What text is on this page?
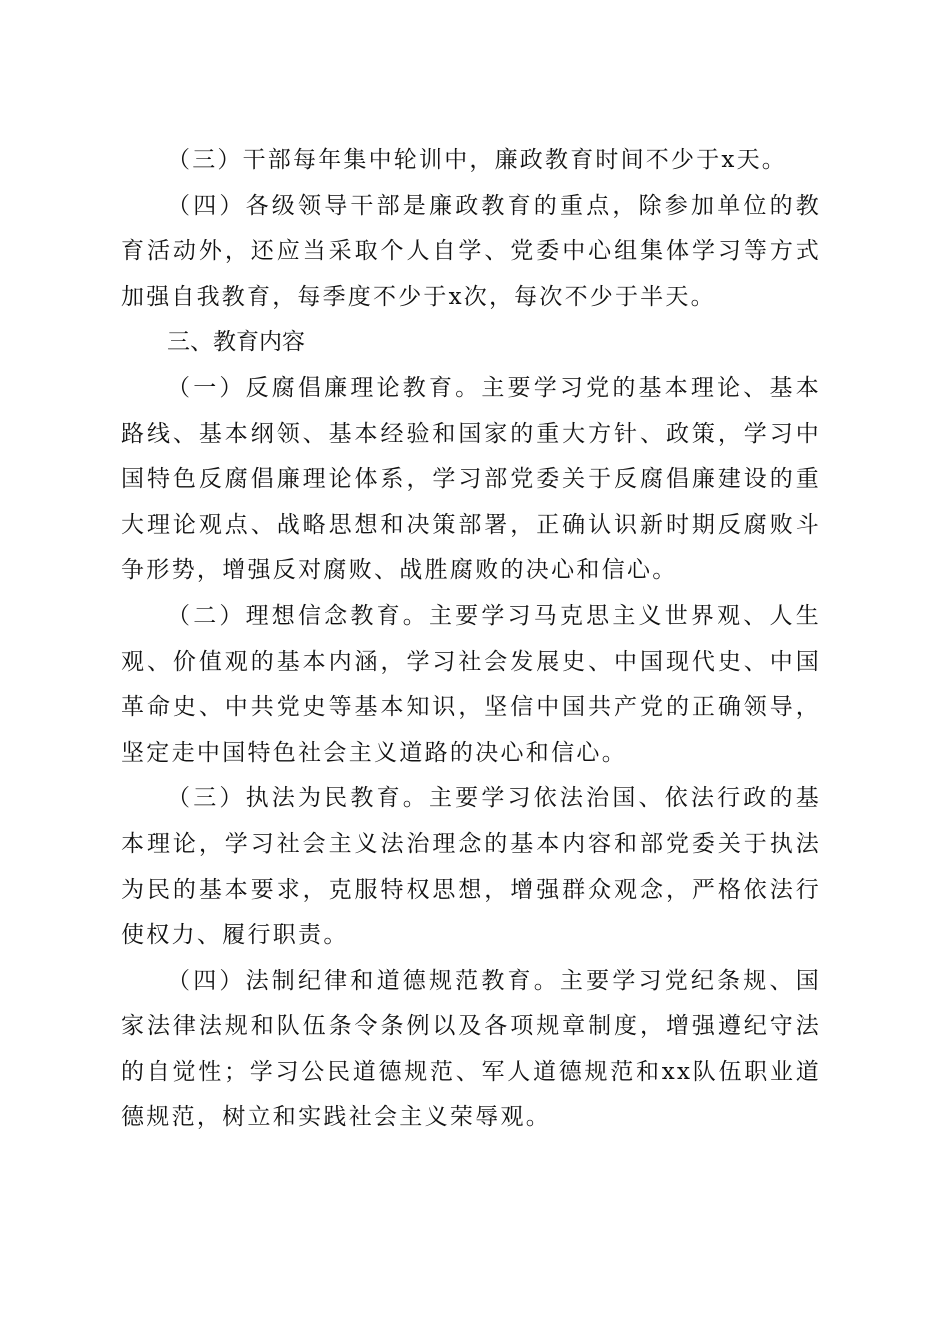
（三）干部每年集中轮训中，廉政教育时间不少于x天。

（四）各级领导干部是廉政教育的重点，除参加单位的教育活动外，还应当采取个人自学、党委中心组集体学习等方式加强自我教育，每季度不少于x次，每次不少于半天。

三、教育内容

（一）反腐倡廉理论教育。主要学习党的基本理论、基本路线、基本纲领、基本经验和国家的重大方针、政策，学习中国特色反腐倡廉理论体系，学习部党委关于反腐倡廉建设的重大理论观点、战略思想和决策部署，正确认识新时期反腐败斗争形势，增强反对腐败、战胜腐败的决心和信心。

（二）理想信念教育。主要学习马克思主义世界观、人生观、价值观的基本内涵，学习社会发展史、中国现代史、中国革命史、中共党史等基本知识，坚信中国共产党的正确领导，坚定走中国特色社会主义道路的决心和信心。

（三）执法为民教育。主要学习依法治国、依法行政的基本理论，学习社会主义法治理念的基本内容和部党委关于执法为民的基本要求，克服特权思想，增强群众观念，严格依法行使权力、履行职责。

（四）法制纪律和道德规范教育。主要学习党纪条规、国家法律法规和队伍条令条例以及各项规章制度，增强遵纪守法的自觉性；学习公民道德规范、军人道德规范和xx队伍职业道德规范，树立和实践社会主义荣辱观。
